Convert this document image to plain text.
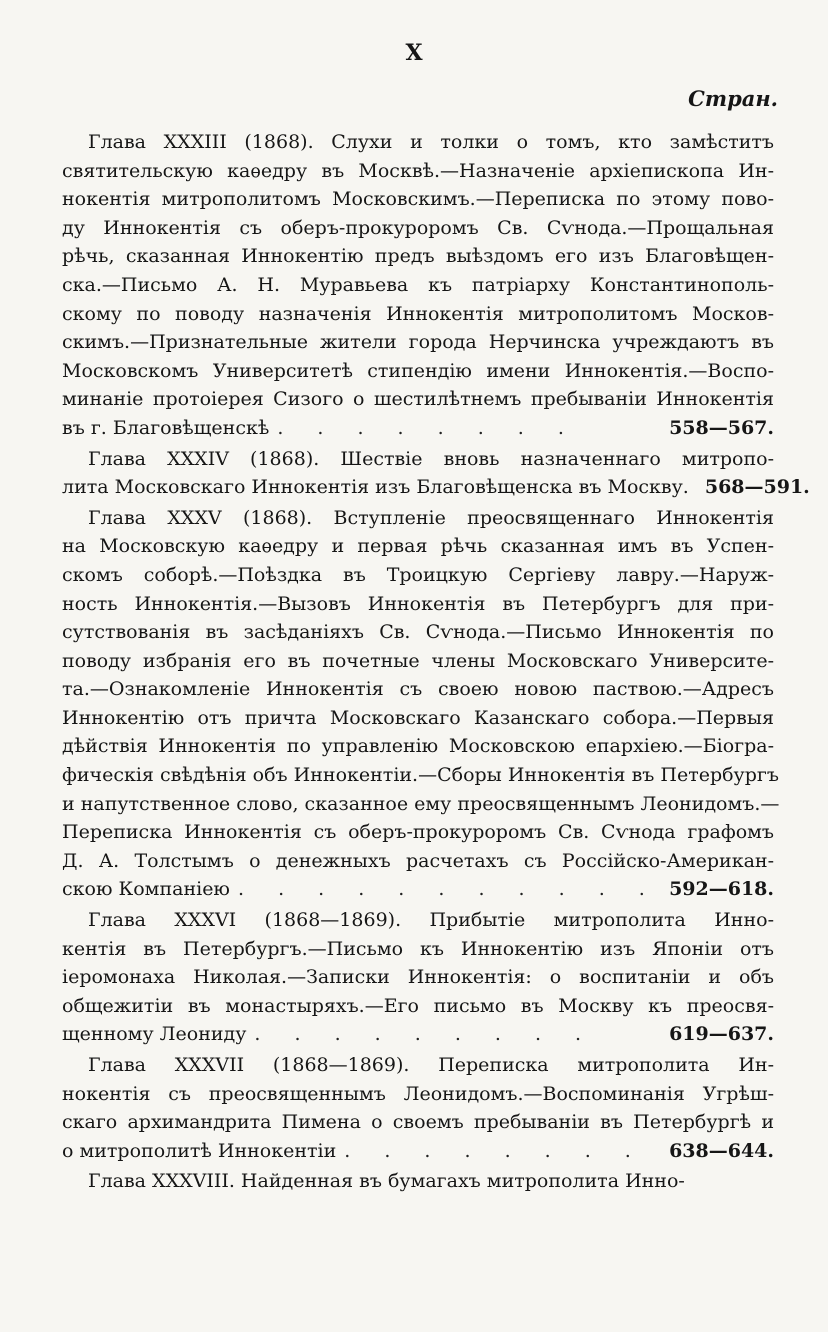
X
Стран.
Глава XXXIII (1868). Слухи и толки о томъ, кто замѣститъ
святительскую каѳедру въ Москвѣ.—Назначеніе архіепископа Ин-
нокентія митрополитомъ Московскимъ.—Переписка по этому пово-
ду Иннокентія съ оберъ-прокуроромъ Св. Сѵнода.—Прощальная
рѣчь, сказанная Иннокентію предъ выѣздомъ его изъ Благовѣщен-
ска.—Письмо А. Н. Муравьева къ патріарху Константинополь-
скому по поводу назначенія Иннокентія митрополитомъ Москов-
скимъ.—Признательные жители города Нерчинска учреждаютъ въ
Московскомъ Университетѣ стипендію имени Иннокентія.—Воспо-
минаніе протоіерея Сизого о шестилѣтнемъ пребываніи Иннокентія
въ г. Благовѣщенскѣ . . . . . . . .	558—567.
Глава XXXIV (1868). Шествіе вновь назначеннаго митропо-
лита Московскаго Иннокентія изъ Благовѣщенска въ Москву. 568—591.
Глава XXXV (1868). Вступленіе преосвященнаго Иннокентія
на Московскую каѳедру и первая рѣчь сказанная имъ въ Успен-
скомъ соборѣ.—Поѣздка въ Троицкую Сергіеву лавру.—Наруж-
ность Иннокентія.—Вызовъ Иннокентія въ Петербургъ для при-
сутствованія въ засѣданіяхъ Св. Сѵнода.—Письмо Иннокентія по
поводу избранія его въ почетные члены Московскаго Университе-
та.—Ознакомленіе Иннокентія съ своею новою паствою.—Адресъ
Иннокентію отъ причта Московскаго Казанскаго собора.—Первыя
дѣйствія Иннокентія по управленію Московскою епархіею.—Біогра-
фическія свѣдѣнія объ Иннокентіи.—Сборы Иннокентія въ Петербургъ
и напутственное слово, сказанное ему преосвященнымъ Леонидомъ.—
Переписка Иннокентія съ оберъ-прокуроромъ Св. Сѵнода графомъ
Д. А. Толстымъ о денежныхъ расчетахъ съ Россійско-Американ-
скою Компаніею . . . . . . . . . . . 592—618.
Глава XXXVI (1868—1869). Прибытіе митрополита Инно-
кентія въ Петербургъ.—Письмо къ Иннокентію изъ Японіи отъ
іеромонаха Николая.—Записки Иннокентія: о воспитаніи и объ
общежитіи въ монастыряхъ.—Его письмо въ Москву къ преосвя-
щенному Леониду . . . . . . . . .	619—637.
Глава XXXVII (1868—1869). Переписка митрополита Ин-
нокентія съ преосвященнымъ Леонидомъ.—Воспоминанія Угрѣш-
скаго архимандрита Пимена о своемъ пребываніи въ Петербургѣ и
о митрополитѣ Иннокентіи . . . . . . . .	638—644.
Глава XXXVIII. Найденная въ бумагахъ митрополита Инно-
